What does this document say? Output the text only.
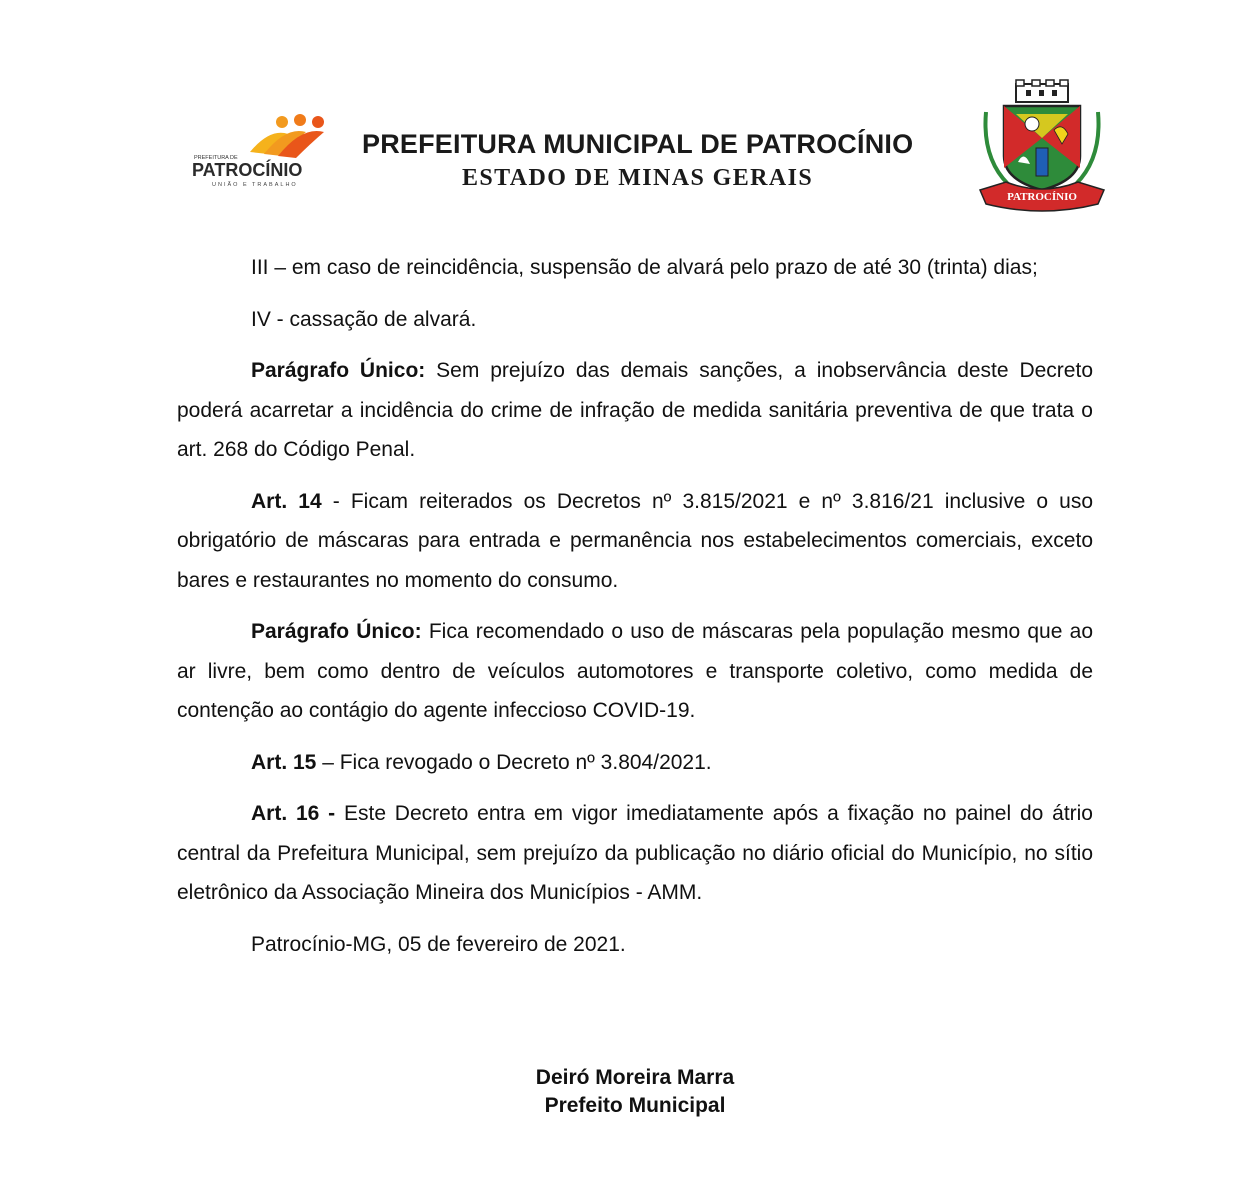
PREFEITURA DE
PATROCÍNIO
UNIÃO E TRABALHO
PREFEITURA MUNICIPAL DE PATROCÍNIO
ESTADO DE MINAS GERAIS
PATROCÍNIO

III – em caso de reincidência, suspensão de alvará pelo prazo de até 30 (trinta) dias;

IV - cassação de alvará.

Parágrafo Único: Sem prejuízo das demais sanções, a inobservância deste Decreto poderá acarretar a incidência do crime de infração de medida sanitária preventiva de que trata o art. 268 do Código Penal.

Art. 14 - Ficam reiterados os Decretos nº 3.815/2021 e nº 3.816/21 inclusive o uso obrigatório de máscaras para entrada e permanência nos estabelecimentos comerciais, exceto bares e restaurantes no momento do consumo.

Parágrafo Único: Fica recomendado o uso de máscaras pela população mesmo que ao ar livre, bem como dentro de veículos automotores e transporte coletivo, como medida de contenção ao contágio do agente infeccioso COVID-19.

Art. 15 – Fica revogado o Decreto nº 3.804/2021.

Art. 16 - Este Decreto entra em vigor imediatamente após a fixação no painel do átrio central da Prefeitura Municipal, sem prejuízo da publicação no diário oficial do Município, no sítio eletrônico da Associação Mineira dos Municípios - AMM.

Patrocínio-MG, 05 de fevereiro de 2021.

Deiró Moreira Marra
Prefeito Municipal
